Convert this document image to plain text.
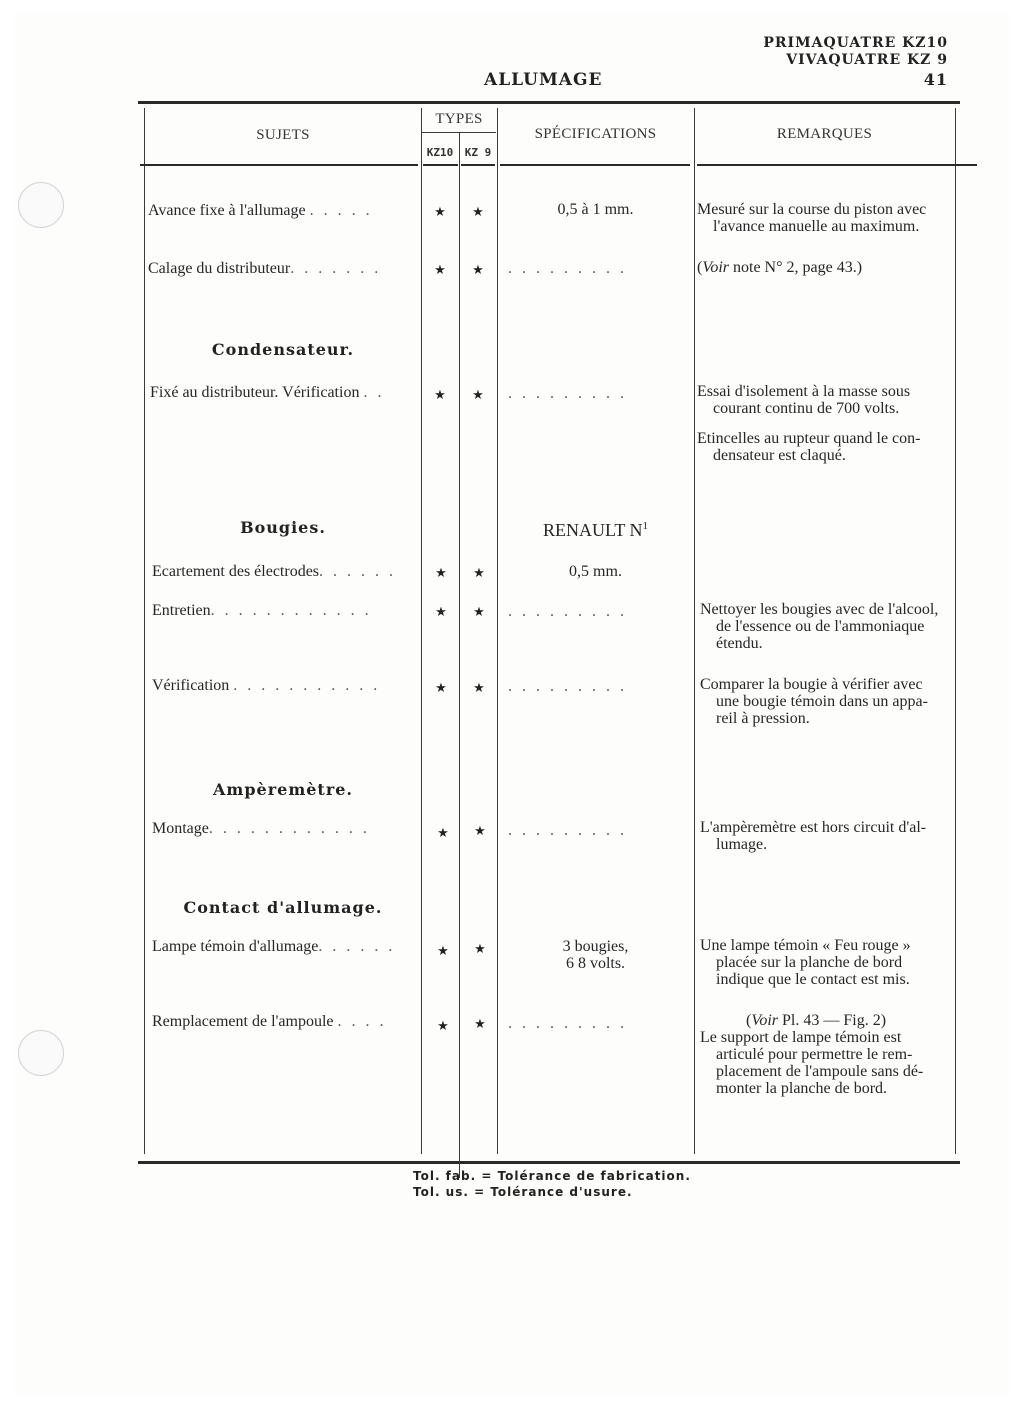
PRIMAQUATRE KZ10
VIVAQUATRE KZ 9
41
ALLUMAGE
SUJETS
TYPES
KZ10	KZ 9
SPÉCIFICATIONS	REMARQUES
Avance fixe à l'allumage . . . . .	★	★	0,5 à 1 mm.	Mesuré sur la course du piston avec
l'avance manuelle au maximum.
Calage du distributeur. . . . . . .	★	★ . . . . . . . . .	(Voir note N° 2, page 43.)
Condensateur.
Fixé au distributeur. Vérification . .	★	★ . . . . . . . . .	Essai d'isolement à la masse sous
courant continu de 700 volts.
Etincelles au rupteur quand le con-
densateur est claqué.
Bougies.	RENAULT $N^1$
Ecartement des électrodes. . . . . .	★	★	0,5 mm.
Entretien. . . . . . . . . . . .	★	★ . . . . . . . . .	Nettoyer les bougies avec de l'alcool,
de l'essence ou de l'ammoniaque
étendu.
Vérification . . . . . . . . . . .	★	★ . . . . . . . . .	Comparer la bougie à vérifier avec
une bougie témoin dans un appa-
reil à pression.
Ampèremètre.
Montage. . . . . . . . . . . .	★	★ . . . . . . . . .	L'ampèremètre est hors circuit d'al-
lumage.
Contact d'allumage.
Lampe témoin d'allumage. . . . . .	★	★	3 bougies,
6 8 volts.
Une lampe témoin « Feu rouge »
placée sur la planche de bord
indique que le contact est mis.
Remplacement de l'ampoule . . . .	★	★ . . . . . . . . .	(Voir Pl. 43 — Fig. 2)
Le support de lampe témoin est
articulé pour permettre le rem-
placement de l'ampoule sans dé-
monter la planche de bord.
Tol. fab. = Tolérance de fabrication.
Tol. us. = Tolérance d'usure.
